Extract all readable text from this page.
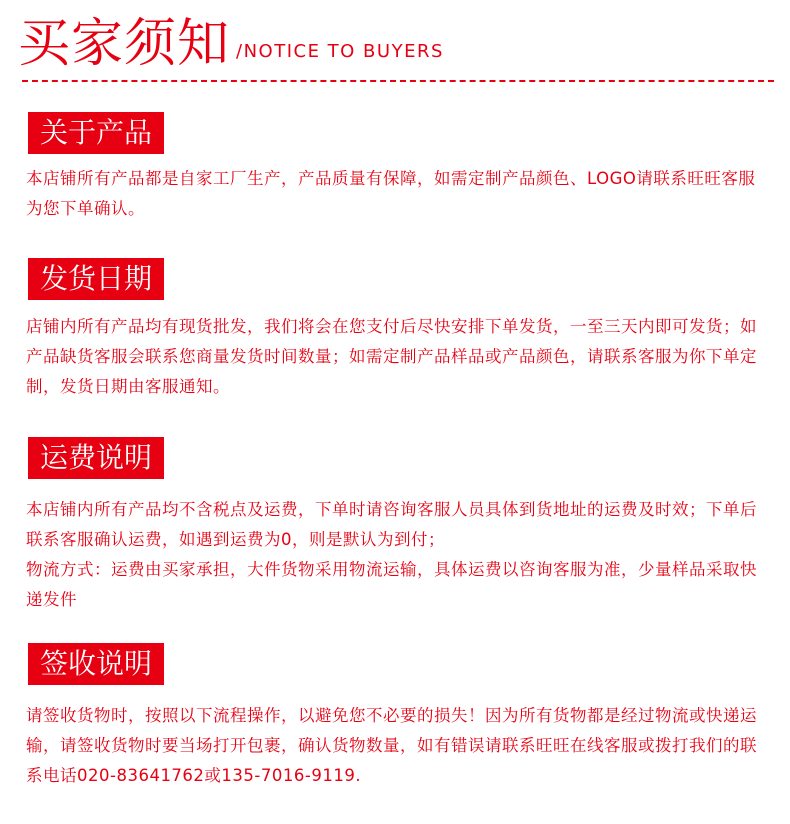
买家须知 /NOTICE TO BUYERS
关于产品

本店铺所有产品都是自家工厂生产，产品质量有保障，如需定制产品颜色、LOGO请联系旺旺客服为您下单确认。

发货日期

店铺内所有产品均有现货批发，我们将会在您支付后尽快安排下单发货，一至三天内即可发货；如产品缺货客服会联系您商量发货时间数量；如需定制产品样品或产品颜色，请联系客服为你下单定制，发货日期由客服通知。

运费说明

本店铺内所有产品均不含税点及运费，下单时请咨询客服人员具体到货地址的运费及时效；下单后联系客服确认运费，如遇到运费为0，则是默认为到付；

物流方式：运费由买家承担，大件货物采用物流运输，具体运费以咨询客服为准，少量样品采取快递发件

签收说明

请签收货物时，按照以下流程操作，以避免您不必要的损失！因为所有货物都是经过物流或快递运输，请签收货物时要当场打开包裹，确认货物数量，如有错误请联系旺旺在线客服或拨打我们的联系电话020-83641762或135-7016-9119.
